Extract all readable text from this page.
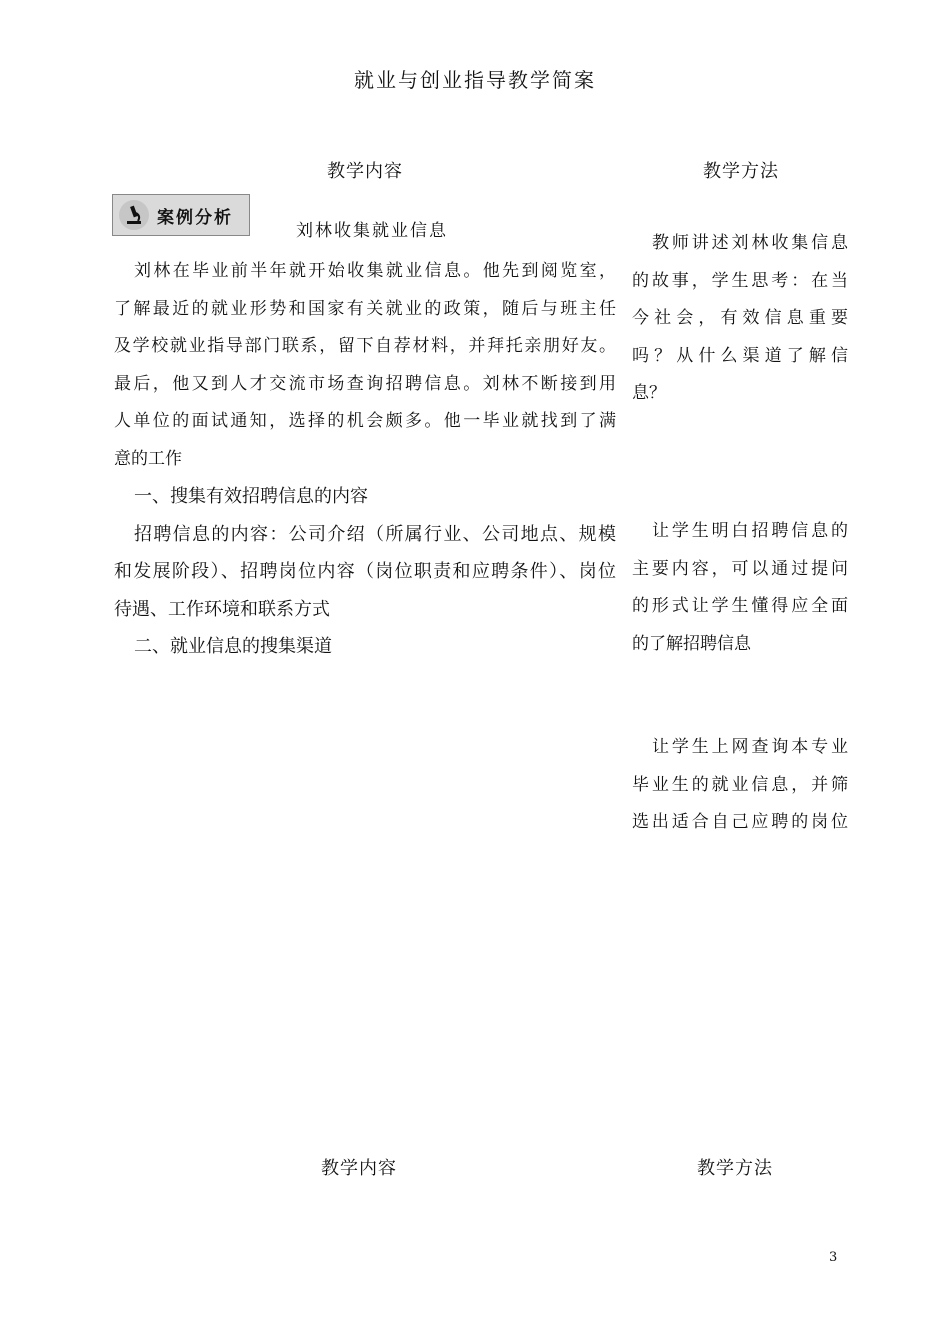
就业与创业指导教学简案
教学内容	教学方法
案例分析
刘林收集就业信息

刘林在毕业前半年就开始收集就业信息。他先到阅览室，

了解最近的就业形势和国家有关就业的政策，随后与班主任

及学校就业指导部门联系，留下自荐材料，并拜托亲朋好友。

最后，他又到人才交流市场查询招聘信息。刘林不断接到用

人单位的面试通知，选择的机会颇多。他一毕业就找到了满

意的工作

一、搜集有效招聘信息的内容

招聘信息的内容：公司介绍（所属行业、公司地点、规模

和发展阶段）、招聘岗位内容（岗位职责和应聘条件）、岗位

待遇、工作环境和联系方式

二、就业信息的搜集渠道

教师讲述刘林收集信息

的故事，学生思考：在当

今社会，有效信息重要

吗？从什么渠道了解信

息？

让学生明白招聘信息的

主要内容，可以通过提问

的形式让学生懂得应全面

的了解招聘信息

让学生上网查询本专业

毕业生的就业信息，并筛

选出适合自己应聘的岗位

教学内容	教学方法
3
